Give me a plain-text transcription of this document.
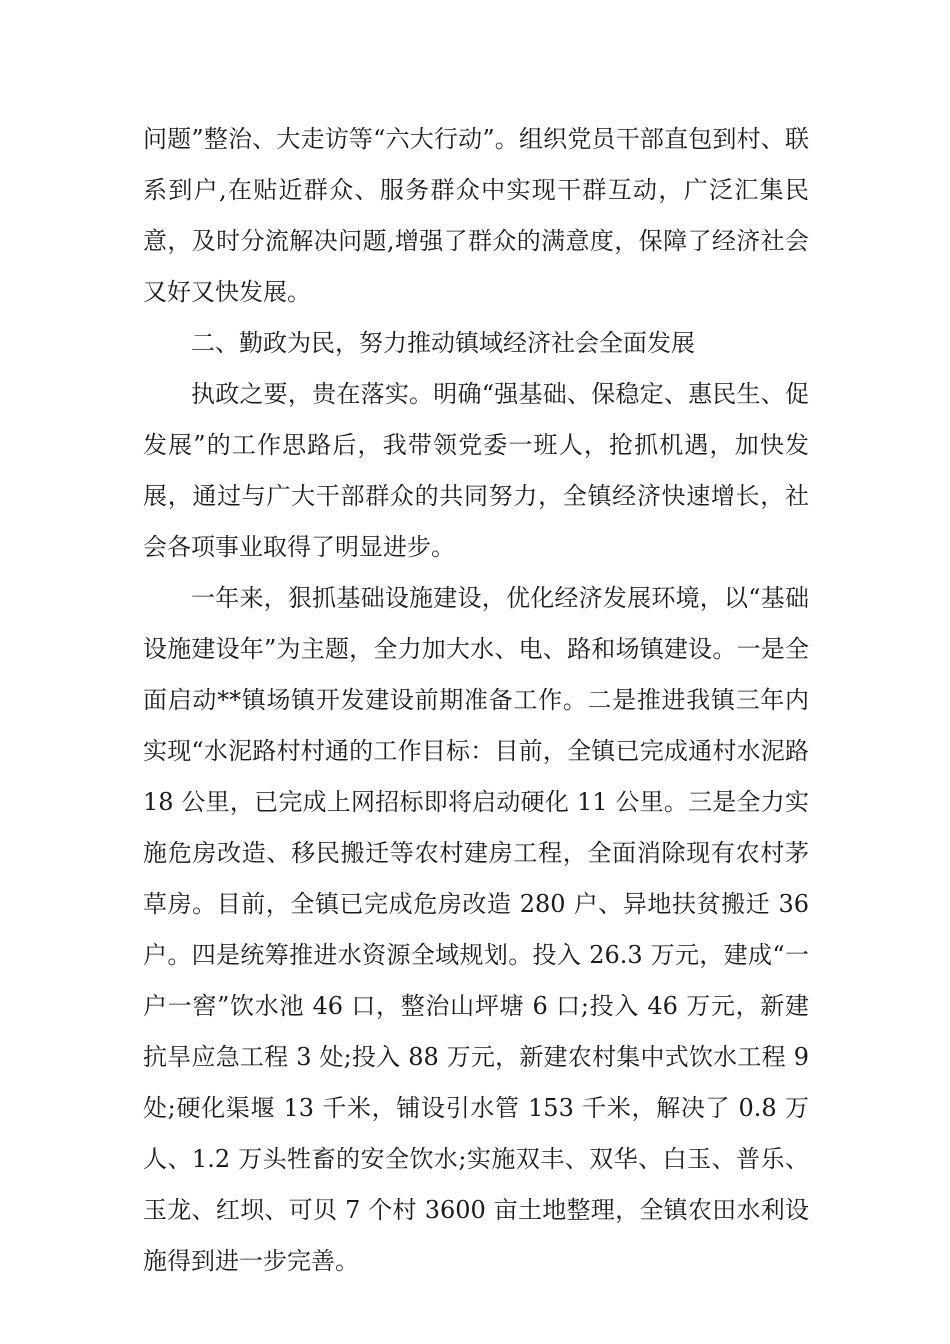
问题”整治、大走访等“六大行动”。组织党员干部直包到村、联系到户,在贴近群众、服务群众中实现干群互动，广泛汇集民意，及时分流解决问题,增强了群众的满意度，保障了经济社会又好又快发展。

二、勤政为民，努力推动镇域经济社会全面发展

执政之要，贵在落实。明确“强基础、保稳定、惠民生、促发展”的工作思路后，我带领党委一班人，抢抓机遇，加快发展，通过与广大干部群众的共同努力，全镇经济快速增长，社会各项事业取得了明显进步。

一年来，狠抓基础设施建设，优化经济发展环境，以“基础设施建设年”为主题，全力加大水、电、路和场镇建设。一是全面启动**镇场镇开发建设前期准备工作。二是推进我镇三年内实现“水泥路村村通的工作目标：目前，全镇已完成通村水泥路 18 公里，已完成上网招标即将启动硬化 11 公里。三是全力实施危房改造、移民搬迁等农村建房工程，全面消除现有农村茅草房。目前，全镇已完成危房改造 280 户、异地扶贫搬迁 36 户。四是统筹推进水资源全域规划。投入 26.3 万元，建成“一户一窖”饮水池 46 口，整治山坪塘 6 口;投入 46 万元，新建抗旱应急工程 3 处;投入 88 万元，新建农村集中式饮水工程 9 处;硬化渠堰 13 千米，铺设引水管 153 千米，解决了 0.8 万人、1.2 万头牲畜的安全饮水;实施双丰、双华、白玉、普乐、玉龙、红坝、可贝 7 个村 3600 亩土地整理，全镇农田水利设施得到进一步完善。
